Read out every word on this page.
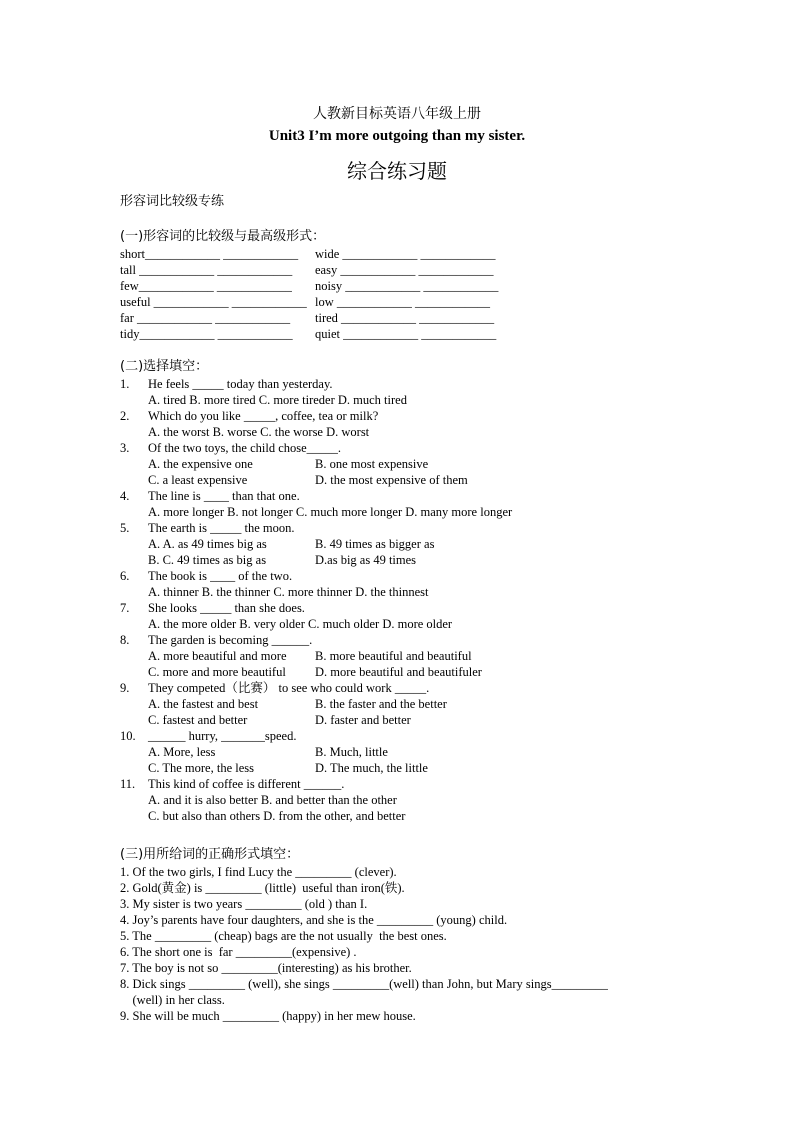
人教新目标英语八年级上册
Unit3 I’m more outgoing than my sister.
综合练习题
形容词比较级专练
(一)形容词的比较级与最高级形式：
short____________ ____________	wide ____________ ____________
tall ____________ ____________	easy ____________ ____________
few____________ ____________	noisy ____________ ____________
useful ____________ ____________ low ____________ ____________
far ____________ ____________	tired ____________ ____________
tidy____________ ____________	quiet ____________ ____________
(二)选择填空：
1.	He feels _____ today than yesterday.
A. tired B. more tired C. more tireder D. much tired
2.	Which do you like _____, coffee, tea or milk?
A. the worst B. worse C. the worse D. worst
3.	Of the two toys, the child chose_____.
A. the expensive one	B. one most expensive
C. a least expensive	D. the most expensive of them
4.	The line is ____ than that one.
A. more longer B. not longer C. much more longer D. many more longer
5.	The earth is _____ the moon.
A. A. as 49 times big as	B. 49 times as bigger as
B. C. 49 times as big as	D.as big as 49 times
6.	The book is ____ of the two.
A. thinner B. the thinner C. more thinner D. the thinnest
7.	She looks _____ than she does.
A. the more older B. very older C. much older D. more older
8.	The garden is becoming ______.
A. more beautiful and more	B. more beautiful and beautiful
C. more and more beautiful	D. more beautiful and beautifuler
9.	They competed（比赛） to see who could work _____.
A. the fastest and best	B. the faster and the better
C. fastest and better	D. faster and better
10. ______ hurry, _______speed.
A. More, less	B. Much, little
C. The more, the less	D. The much, the little
11.	This kind of coffee is different ______.
A. and it is also better B. and better than the other
C. but also than others D. from the other, and better
(三)用所给词的正确形式填空：
1. Of the two girls, I find Lucy the _________ (clever).
2. Gold(黄金) is _________ (little)  useful than iron(铁).
3. My sister is two years _________ (old ) than I.
4. Joy’s parents have four daughters, and she is the _________ (young) child.
5. The _________ (cheap) bags are the not usually  the best ones.
6. The short one is  far _________(expensive) .
7. The boy is not so _________(interesting) as his brother.
8. Dick sings _________ (well), she sings _________(well) than John, but Mary sings_________
(well) in her class.
9. She will be much _________ (happy) in her mew house.
